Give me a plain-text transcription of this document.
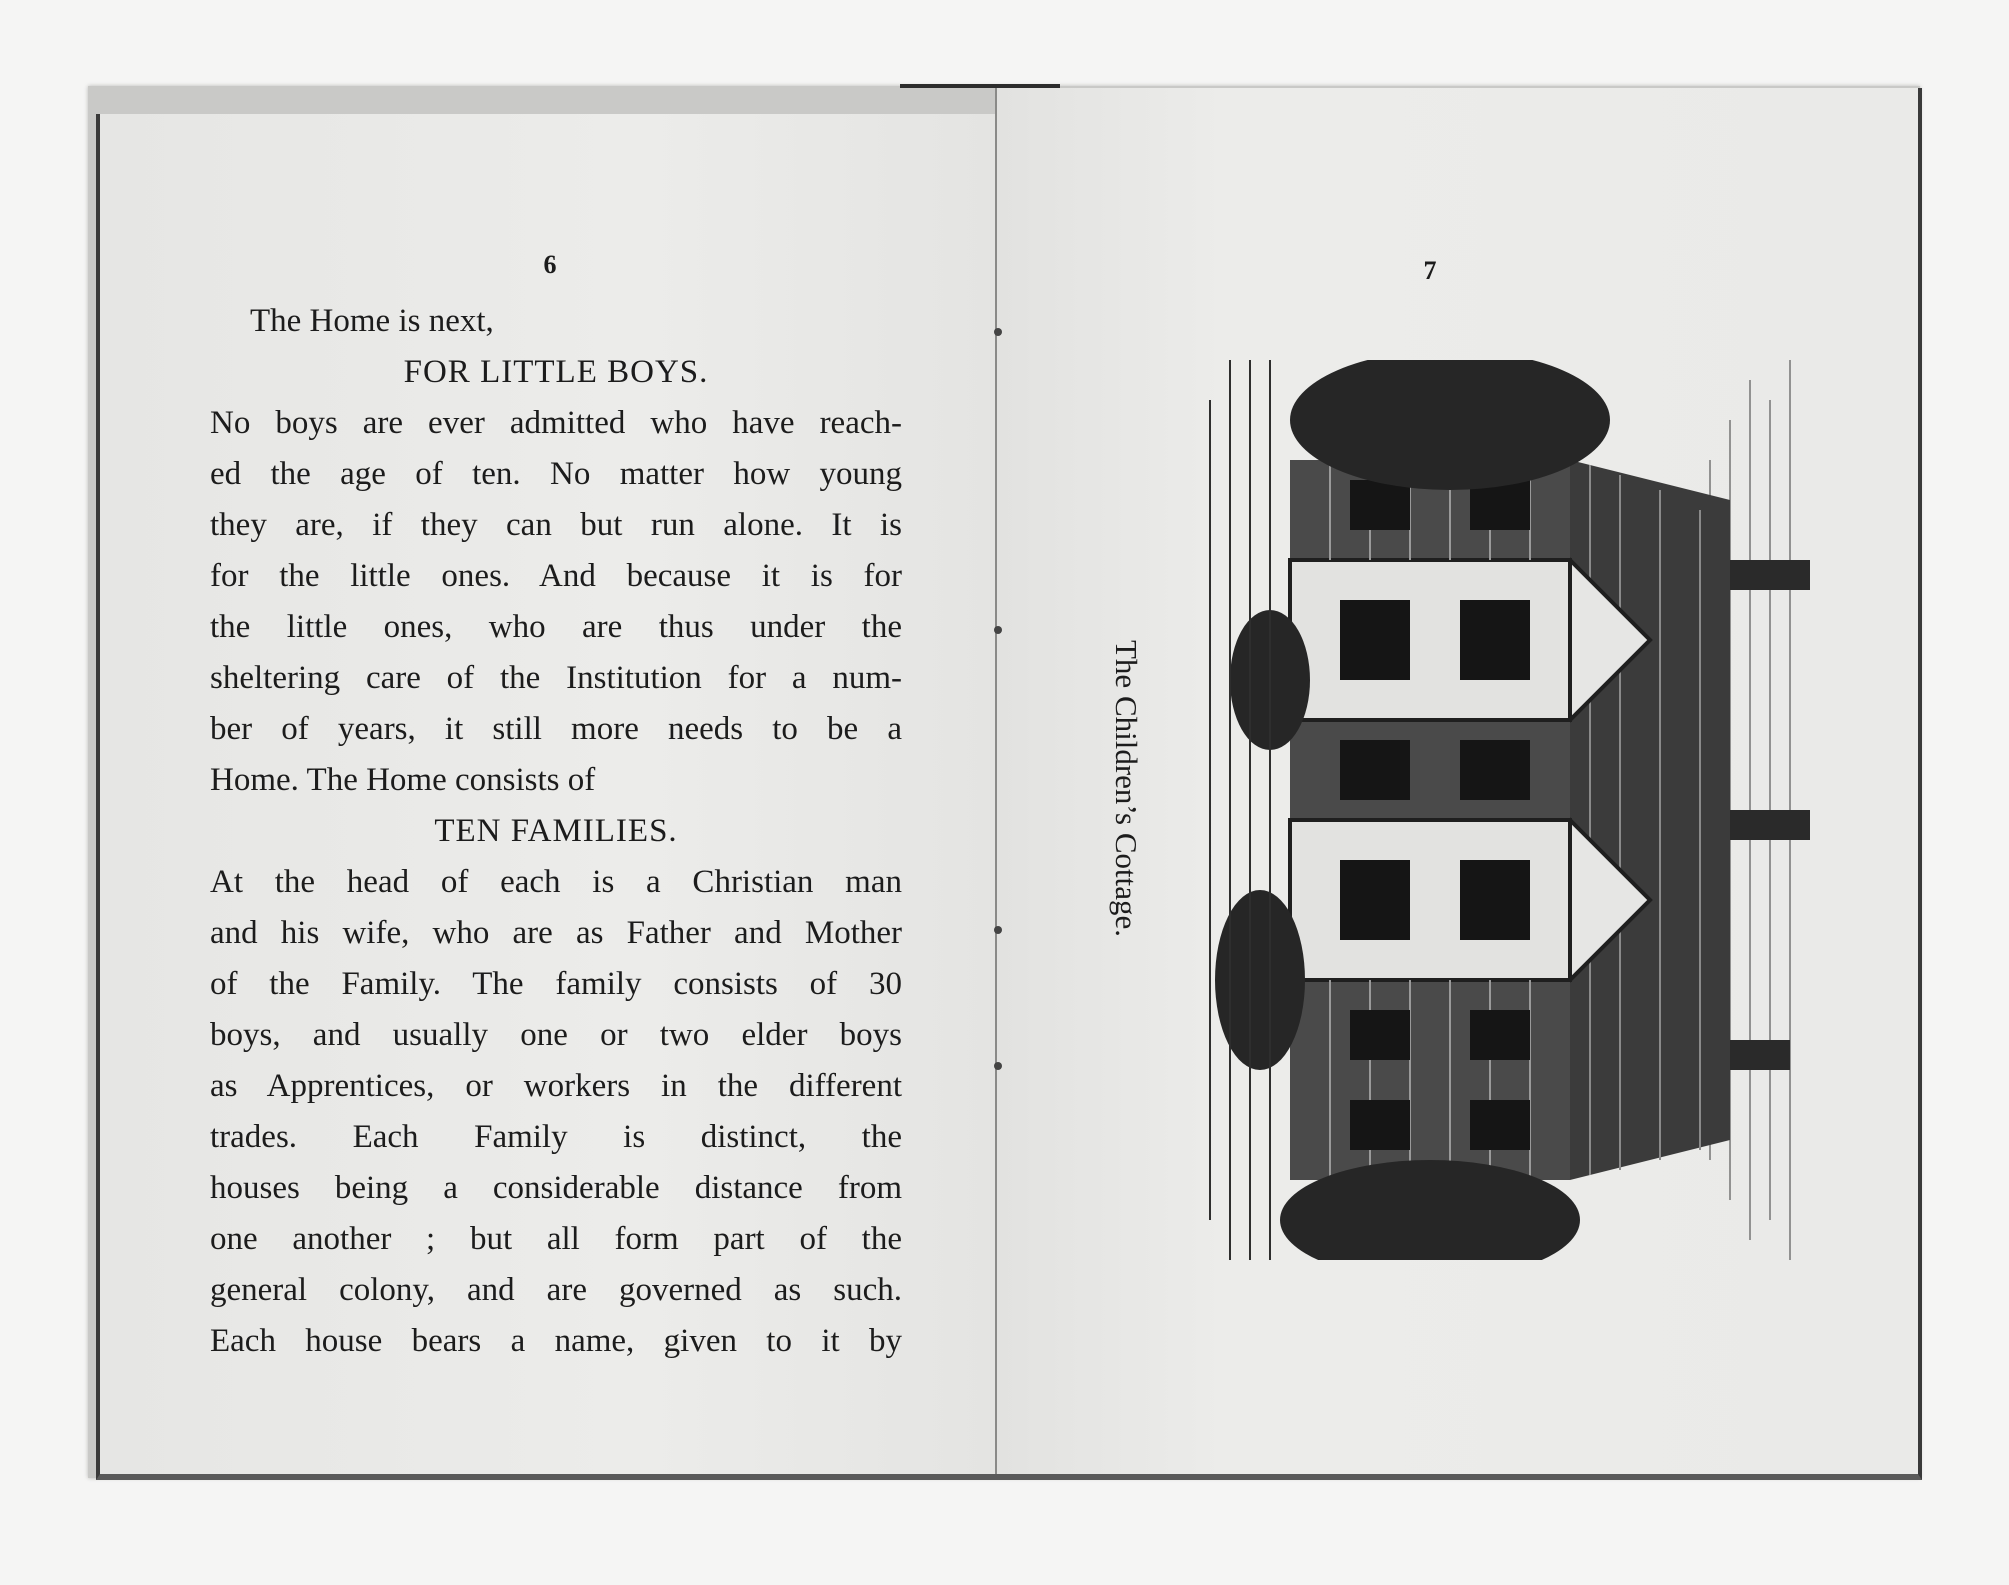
6	7
The Home is next,
FOR LITTLE BOYS.
No boys are ever admitted who have reach-
ed the age of ten. No matter how young
they are, if they can but run alone. It is
for the little ones. And because it is for
the little ones, who are thus under the
sheltering care of the Institution for a num-
ber of years, it still more needs to be a
Home. The Home consists of
TEN FAMILIES.
At the head of each is a Christian man
and his wife, who are as Father and Mother
of the Family. The family consists of 30
boys, and usually one or two elder boys
as Apprentices, or workers in the different
trades. Each Family is distinct, the
houses being a considerable distance from
one another ; but all form part of the
general colony, and are governed as such.
Each house bears a name, given to it by
The Children’s Cottage.
